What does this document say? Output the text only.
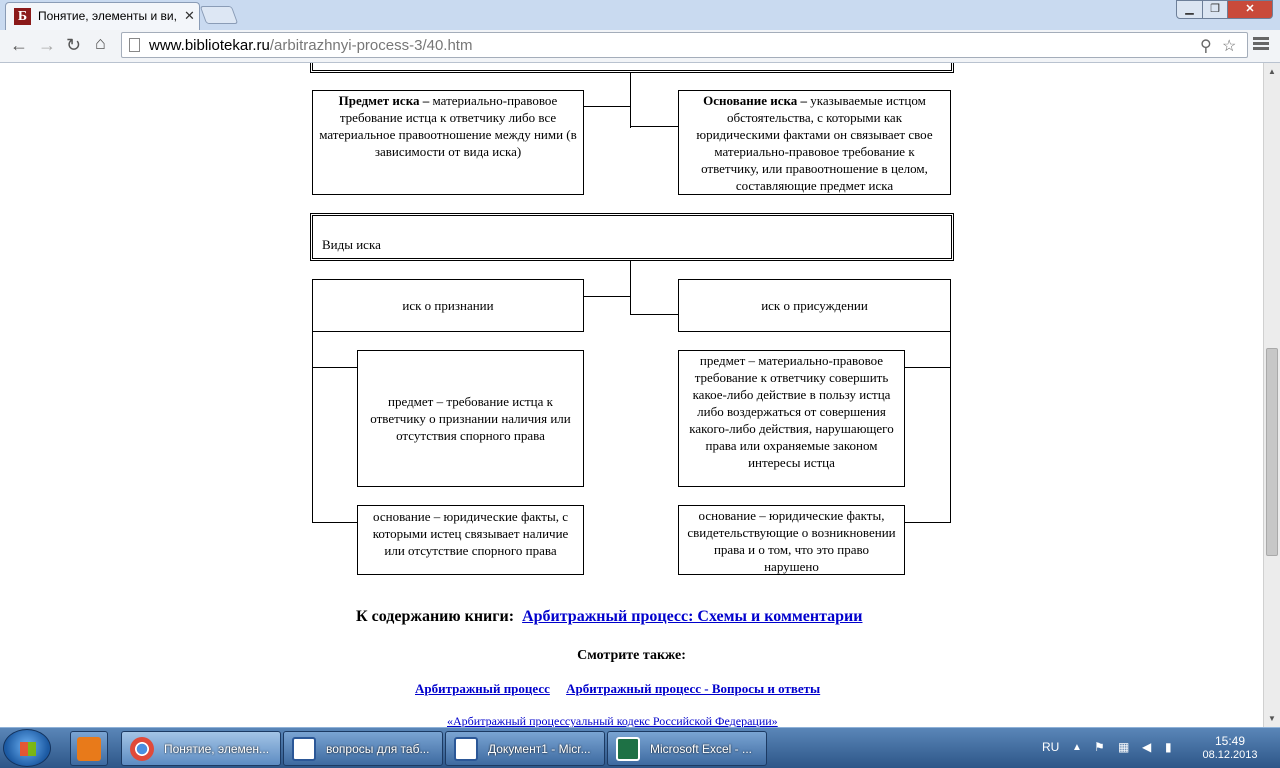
Б Понятие, элементы и ви, ✕	▁	❐	✕
← → ↻ ⌂	www.bibliotekar.ru/arbitrazhnyi-process-3/40.htm	⚲ ☆
Предмет иска – материально-правовое требование истца к ответчику либо все материальное правоотношение между ними (в зависимости от вида иска)
Основание иска – указываемые истцом обстоятельства, с которыми как юридическими фактами он связывает свое материально-правовое требование к ответчику, или правоотношение в целом, составляющие предмет иска
Виды иска
иск о признании	иск о присуждении
предмет – требование истца к ответчику о признании наличия или отсутствия спорного права
предмет – материально-правовое требование к ответчику совершить какое-либо действие в пользу истца либо воздержаться от совершения какого-либо действия, нарушающего права или охраняемые законом интересы истца
основание – юридические факты, с которыми истец связывает наличие или отсутствие спорного права
основание – юридические факты, свидетельствующие о возникновении права и о том, что это право нарушено
К содержанию книги:  Арбитражный процесс: Схемы и комментарии
Смотрите также:
Арбитражный процесс Арбитражный процесс - Вопросы и ответы
«Арбитражный процессуальный кодекс Российской Федерации»
▲
▼
Понятие, элемен...	вопросы для таб...	Документ1 - Micr...	Microsoft Excel - ...	RU ▲ ⚑ ▦ ◀ ▮	15:49
08.12.2013
